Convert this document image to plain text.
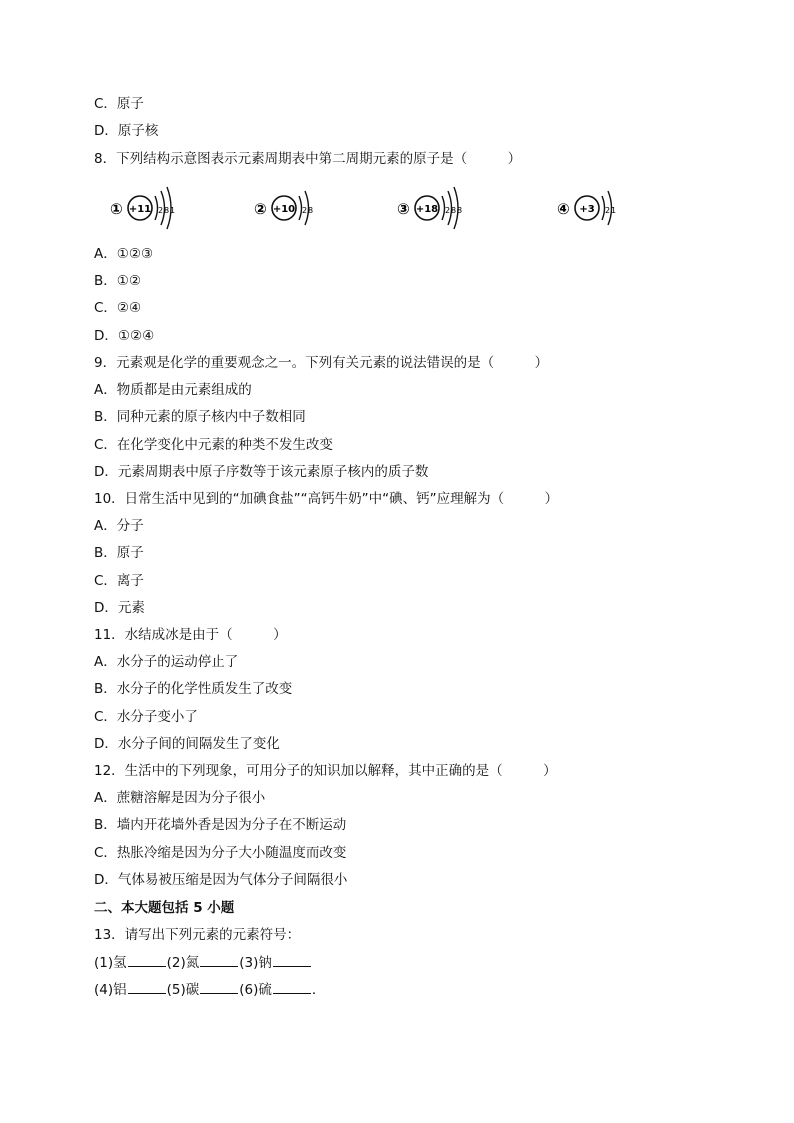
C．原子
D．原子核
8．下列结构示意图表示元素周期表中第二周期元素的原子是（　　　）
① +11 2 8 1	② +10 2 8	③ +18 2 8 8	④ +3 2 1
A．①②③
B．①②
C．②④
D．①②④
9．元素观是化学的重要观念之一。下列有关元素的说法错误的是（　　　）
A．物质都是由元素组成的
B．同种元素的原子核内中子数相同
C．在化学变化中元素的种类不发生改变
D．元素周期表中原子序数等于该元素原子核内的质子数
10．日常生活中见到的“加碘食盐”“高钙牛奶”中“碘、钙”应理解为（　　　）
A．分子
B．原子
C．离子
D．元素
11．水结成冰是由于（　　　）
A．水分子的运动停止了
B．水分子的化学性质发生了改变
C．水分子变小了
D．水分子间的间隔发生了变化
12．生活中的下列现象，可用分子的知识加以解释，其中正确的是（　　　）
A．蔗糖溶解是因为分子很小
B．墙内开花墙外香是因为分子在不断运动
C．热胀冷缩是因为分子大小随温度而改变
D．气体易被压缩是因为气体分子间隔很小
二、本大题包括 5 小题
13．请写出下列元素的元素符号：
(1)氢	(2)氮	(3)钠
(4)铝	(5)碳	(6)硫	．
